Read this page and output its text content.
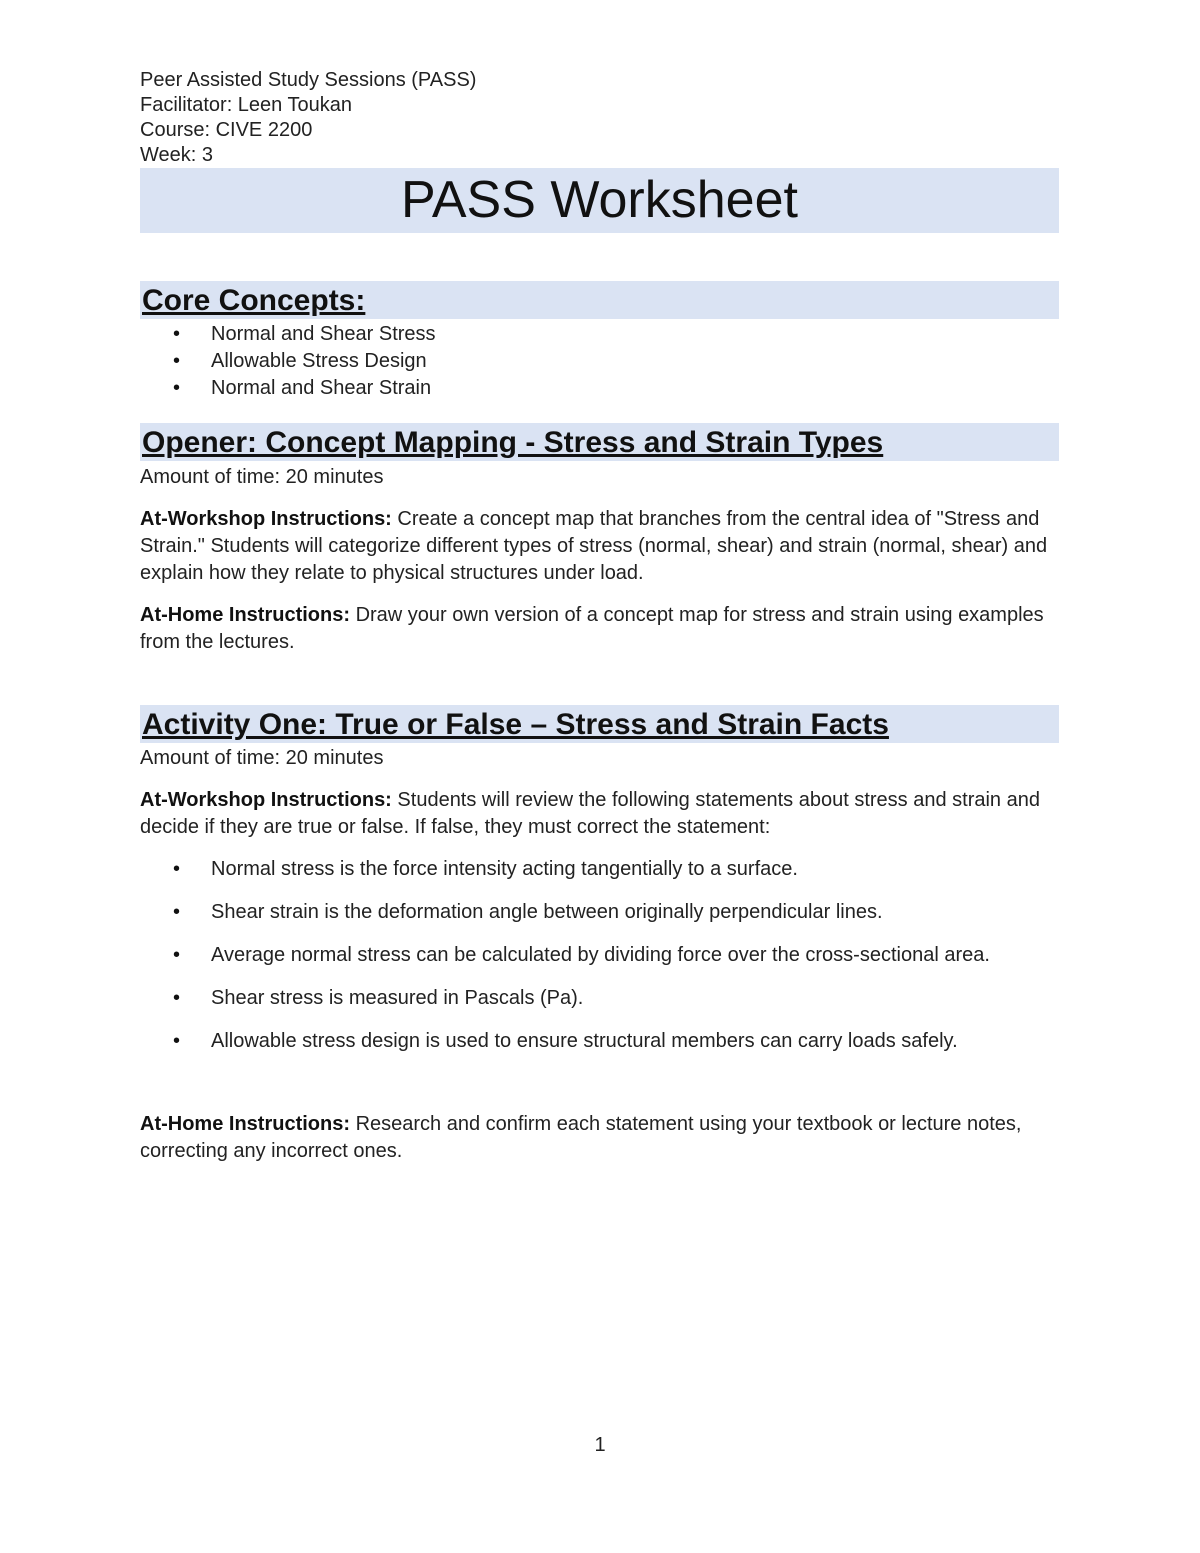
Peer Assisted Study Sessions (PASS)
Facilitator: Leen Toukan
Course: CIVE 2200
Week: 3
PASS Worksheet
Core Concepts:
• Normal and Shear Stress
• Allowable Stress Design
• Normal and Shear Strain
Opener: Concept Mapping - Stress and Strain Types
Amount of time: 20 minutes
At-Workshop Instructions: Create a concept map that branches from the central idea of "Stress and Strain." Students will categorize different types of stress (normal, shear) and strain (normal, shear) and explain how they relate to physical structures under load.
At-Home Instructions: Draw your own version of a concept map for stress and strain using examples from the lectures.
Activity One: True or False – Stress and Strain Facts
Amount of time: 20 minutes
At-Workshop Instructions: Students will review the following statements about stress and strain and decide if they are true or false. If false, they must correct the statement:
• Normal stress is the force intensity acting tangentially to a surface.
• Shear strain is the deformation angle between originally perpendicular lines.
• Average normal stress can be calculated by dividing force over the cross-sectional area.
• Shear stress is measured in Pascals (Pa).
• Allowable stress design is used to ensure structural members can carry loads safely.
At-Home Instructions: Research and confirm each statement using your textbook or lecture notes, correcting any incorrect ones.
1
